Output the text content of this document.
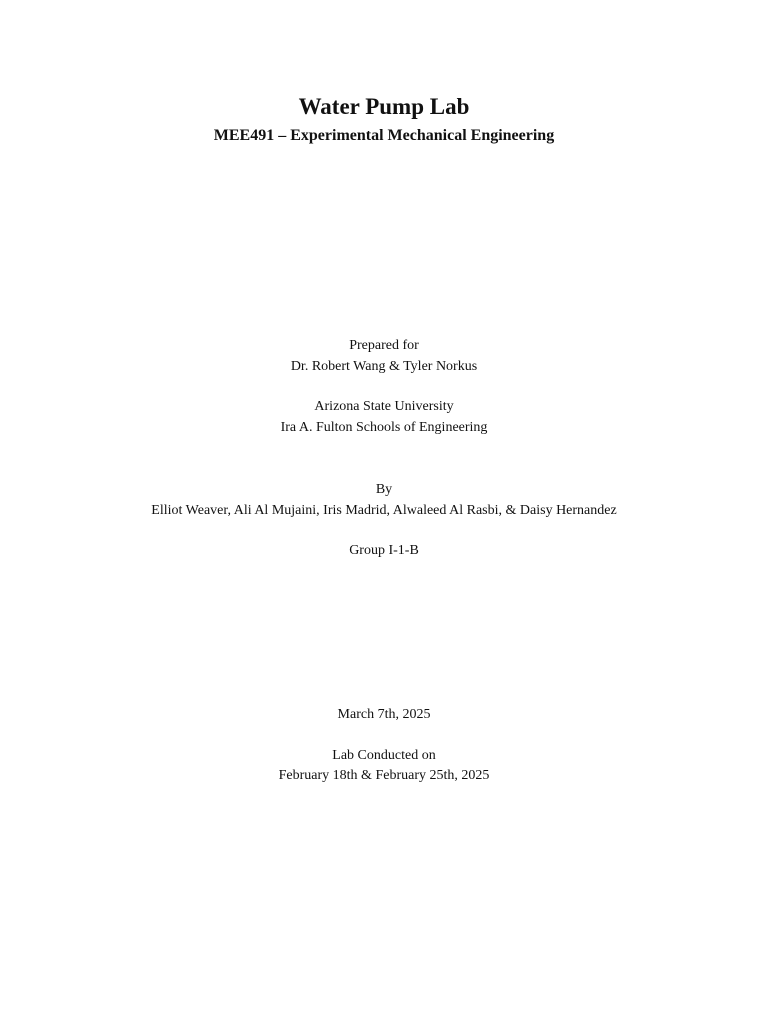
Water Pump Lab
MEE491 – Experimental Mechanical Engineering
Prepared for
Dr. Robert Wang & Tyler Norkus
Arizona State University
Ira A. Fulton Schools of Engineering
By
Elliot Weaver, Ali Al Mujaini, Iris Madrid, Alwaleed Al Rasbi, & Daisy Hernandez
Group I-1-B
March 7th, 2025
Lab Conducted on
February 18th & February 25th, 2025
